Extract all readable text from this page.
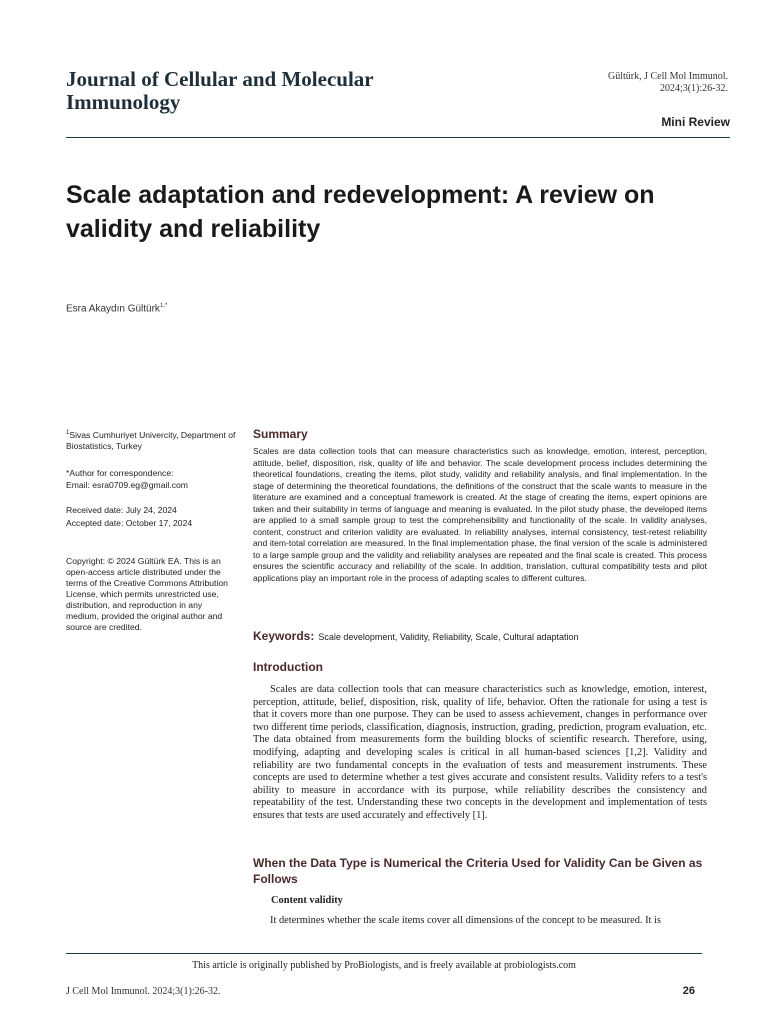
Journal of Cellular and Molecular Immunology
Gültürk, J Cell Mol Immunol.
2024;3(1):26-32.
Mini Review
Scale adaptation and redevelopment: A review on validity and reliability
Esra Akaydın Gültürk$^{1,*}$
$^1$Sivas Cumhuriyet Univercity, Department of Biostatistics, Turkey
*Author for correspondence:
Email: esra0709.eg@gmail.com
Received date: July 24, 2024
Accepted date: October 17, 2024
Copyright: © 2024 Gültürk EA. This is an open-access article distributed under the terms of the Creative Commons Attribution License, which permits unrestricted use, distribution, and reproduction in any medium, provided the original author and source are credited.
Summary
Scales are data collection tools that can measure characteristics such as knowledge, emotion, interest, perception, attitude, belief, disposition, risk, quality of life and behavior. The scale development process includes determining the theoretical foundations, creating the items, pilot study, validity and reliability analysis, and final implementation. In the stage of determining the theoretical foundations, the definitions of the construct that the scale wants to measure in the literature are examined and a conceptual framework is created. At the stage of creating the items, expert opinions are taken and their suitability in terms of language and meaning is evaluated. In the pilot study phase, the developed items are applied to a small sample group to test the comprehensibility and functionality of the scale. In validity analyses, content, construct and criterion validity are evaluated. In reliability analyses, internal consistency, test-retest reliability and item-total correlation are measured. In the final implementation phase, the final version of the scale is administered to a large sample group and the validity and reliability analyses are repeated and the final scale is created. This process ensures the scientific accuracy and reliability of the scale. In addition, translation, cultural compatibility tests and pilot applications play an important role in the process of adapting scales to different cultures.
Keywords: Scale development, Validity, Reliability, Scale, Cultural adaptation
Introduction
Scales are data collection tools that can measure characteristics such as knowledge, emotion, interest, perception, attitude, belief, disposition, risk, quality of life, behavior. Often the rationale for using a test is that it covers more than one purpose. They can be used to assess achievement, changes in performance over two different time periods, classification, diagnosis, instruction, grading, prediction, program evaluation, etc. The data obtained from measurements form the building blocks of scientific research. Therefore, using, modifying, adapting and developing scales is critical in all human-based sciences [1,2]. Validity and reliability are two fundamental concepts in the evaluation of tests and measurement instruments. These concepts are used to determine whether a test gives accurate and consistent results. Validity refers to a test's ability to measure in accordance with its purpose, while reliability describes the consistency and repeatability of the test. Understanding these two concepts in the development and implementation of tests ensures that tests are used accurately and effectively [1].
When the Data Type is Numerical the Criteria Used for Validity Can be Given as Follows
Content validity
It determines whether the scale items cover all dimensions of the concept to be measured. It is
This article is originally published by ProBiologists, and is freely available at probiologists.com
J Cell Mol Immunol. 2024;3(1):26-32.	26
